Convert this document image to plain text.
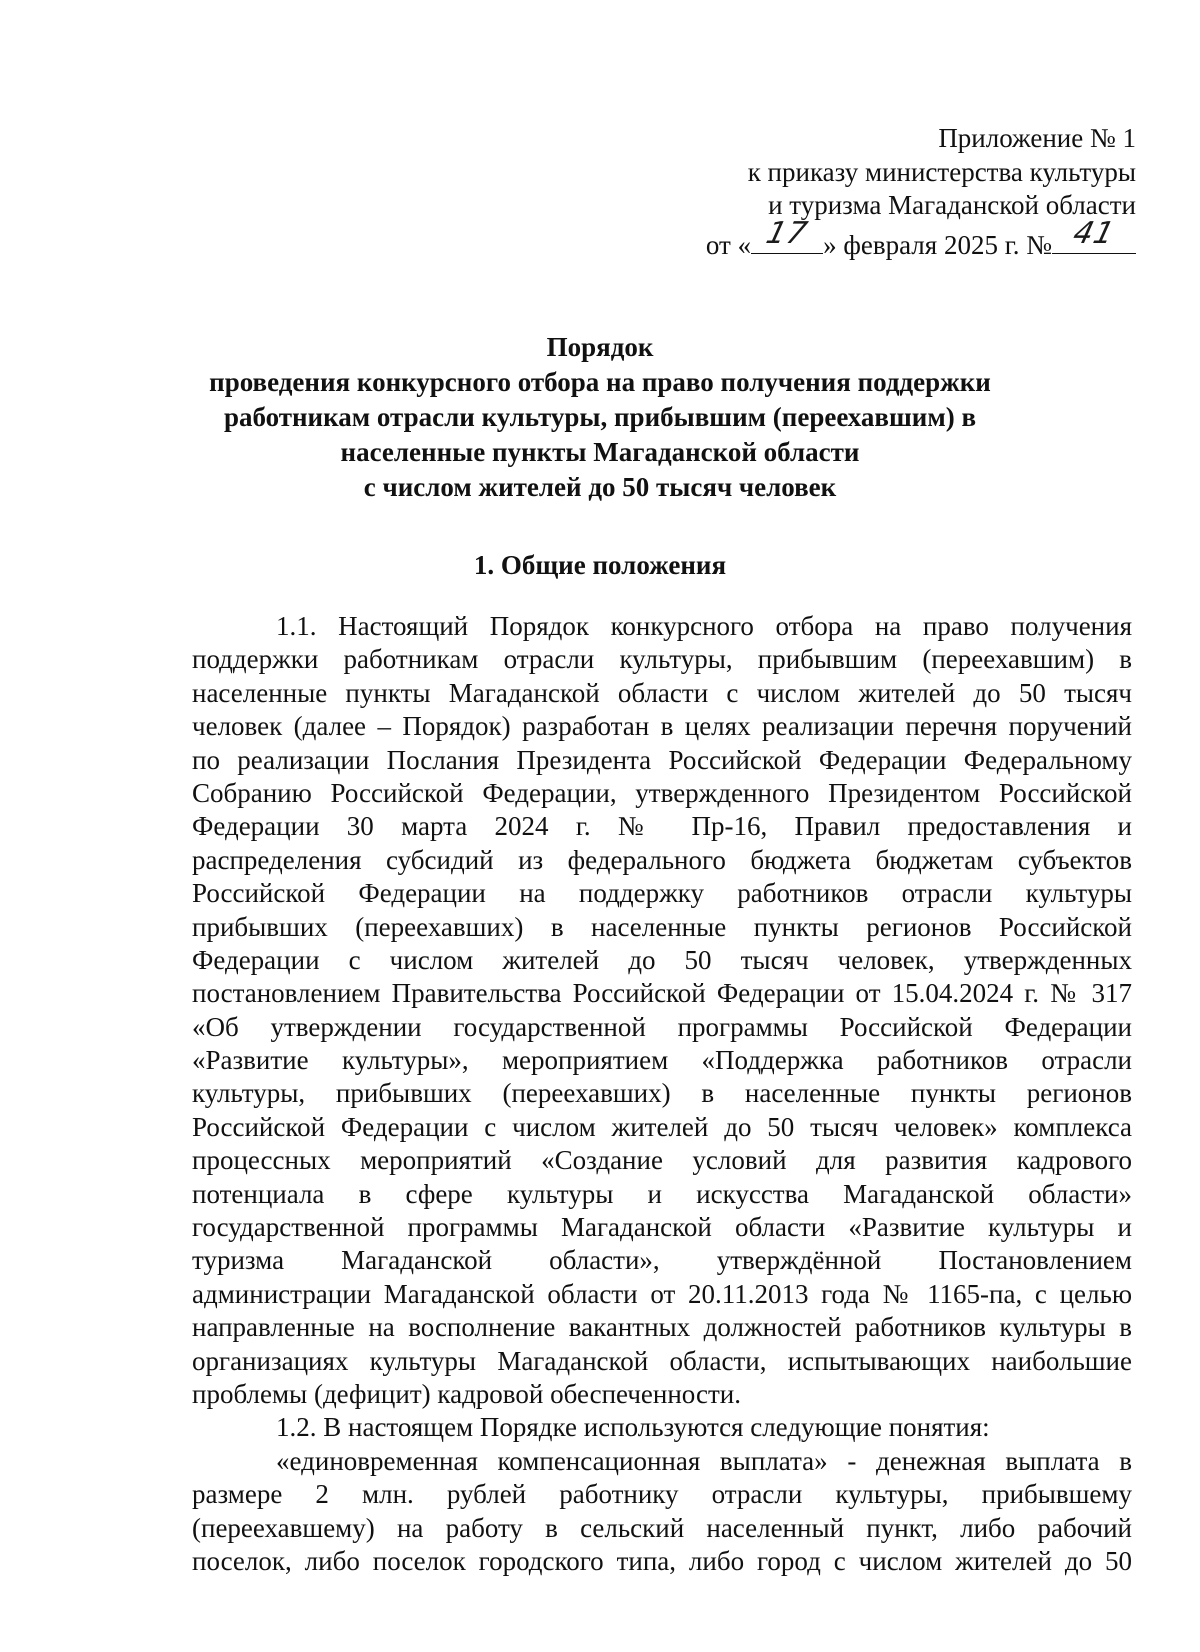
Приложение № 1
к приказу министерства культуры
и туризма Магаданской области
от « 17 » февраля 2025 г. № 41
Порядок
проведения конкурсного отбора на право получения поддержки
работникам отрасли культуры, прибывшим (переехавшим) в
населенные пункты Магаданской области
с числом жителей до 50 тысяч человек
1. Общие положения
1.1. Настоящий Порядок конкурсного отбора на право получения
поддержки работникам отрасли культуры, прибывшим (переехавшим) в
населенные пункты Магаданской области с числом жителей до 50 тысяч
человек (далее – Порядок) разработан в целях реализации перечня поручений
по реализации Послания Президента Российской Федерации Федеральному
Собранию Российской Федерации, утвержденного Президентом Российской
Федерации 30 марта 2024 г. № Пр-16, Правил предоставления и
распределения субсидий из федерального бюджета бюджетам субъектов
Российской Федерации на поддержку работников отрасли культуры
прибывших (переехавших) в населенные пункты регионов Российской
Федерации с числом жителей до 50 тысяч человек, утвержденных
постановлением Правительства Российской Федерации от 15.04.2024 г. № 317
«Об утверждении государственной программы Российской Федерации
«Развитие культуры», мероприятием «Поддержка работников отрасли
культуры, прибывших (переехавших) в населенные пункты регионов
Российской Федерации с числом жителей до 50 тысяч человек» комплекса
процессных мероприятий «Создание условий для развития кадрового
потенциала в сфере культуры и искусства Магаданской области»
государственной программы Магаданской области «Развитие культуры и
туризма Магаданской области», утверждённой Постановлением
администрации Магаданской области от 20.11.2013 года № 1165-па, с целью
направленные на восполнение вакантных должностей работников культуры в
организациях культуры Магаданской области, испытывающих наибольшие
проблемы (дефицит) кадровой обеспеченности.
1.2. В настоящем Порядке используются следующие понятия:
«единовременная компенсационная выплата» - денежная выплата в
размере 2 млн. рублей работнику отрасли культуры, прибывшему
(переехавшему) на работу в сельский населенный пункт, либо рабочий
поселок, либо поселок городского типа, либо город с числом жителей до 50
